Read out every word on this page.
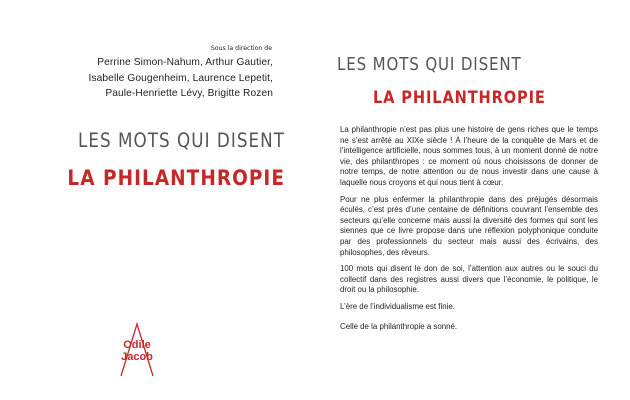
Sous la direction de
Perrine Simon-Nahum, Arthur Gautier,
Isabelle Gougenheim, Laurence Lepetit,
Paule-Henriette Lévy, Brigitte Rozen
LES MOTS QUI DISENT
LA PHILANTHROPIE
Odile
Jacob
LES MOTS QUI DISENT
LA PHILANTHROPIE

La philanthropie n’est pas plus une histoire de gens riches que le temps ne s’est arrêté au XIXe siècle ! À l’heure de la conquête de Mars et de l’intelligence artificielle, nous sommes tous, à un moment donné de notre vie, des philanthropes : ce moment où nous choisissons de donner de notre temps, de notre attention ou de nous investir dans une cause à laquelle nous croyons et qui nous tient à cœur.

Pour ne plus enfermer la philanthropie dans des préjugés désormais éculés, c’est près d’une centaine de définitions couvrant l’ensemble des secteurs qu’elle concerne mais aussi la diversité des formes qui sont les siennes que ce livre propose dans une réflexion polyphonique conduite par des professionnels du secteur mais aussi des écrivains, des philosophes, des rêveurs.

100 mots qui disent le don de soi, l’attention aux autres ou le souci du collectif dans des registres aussi divers que l’économie, le politique, le droit ou la philosophie.

L’ère de l’individualisme est finie.

Celle de la philanthropie a sonné.
